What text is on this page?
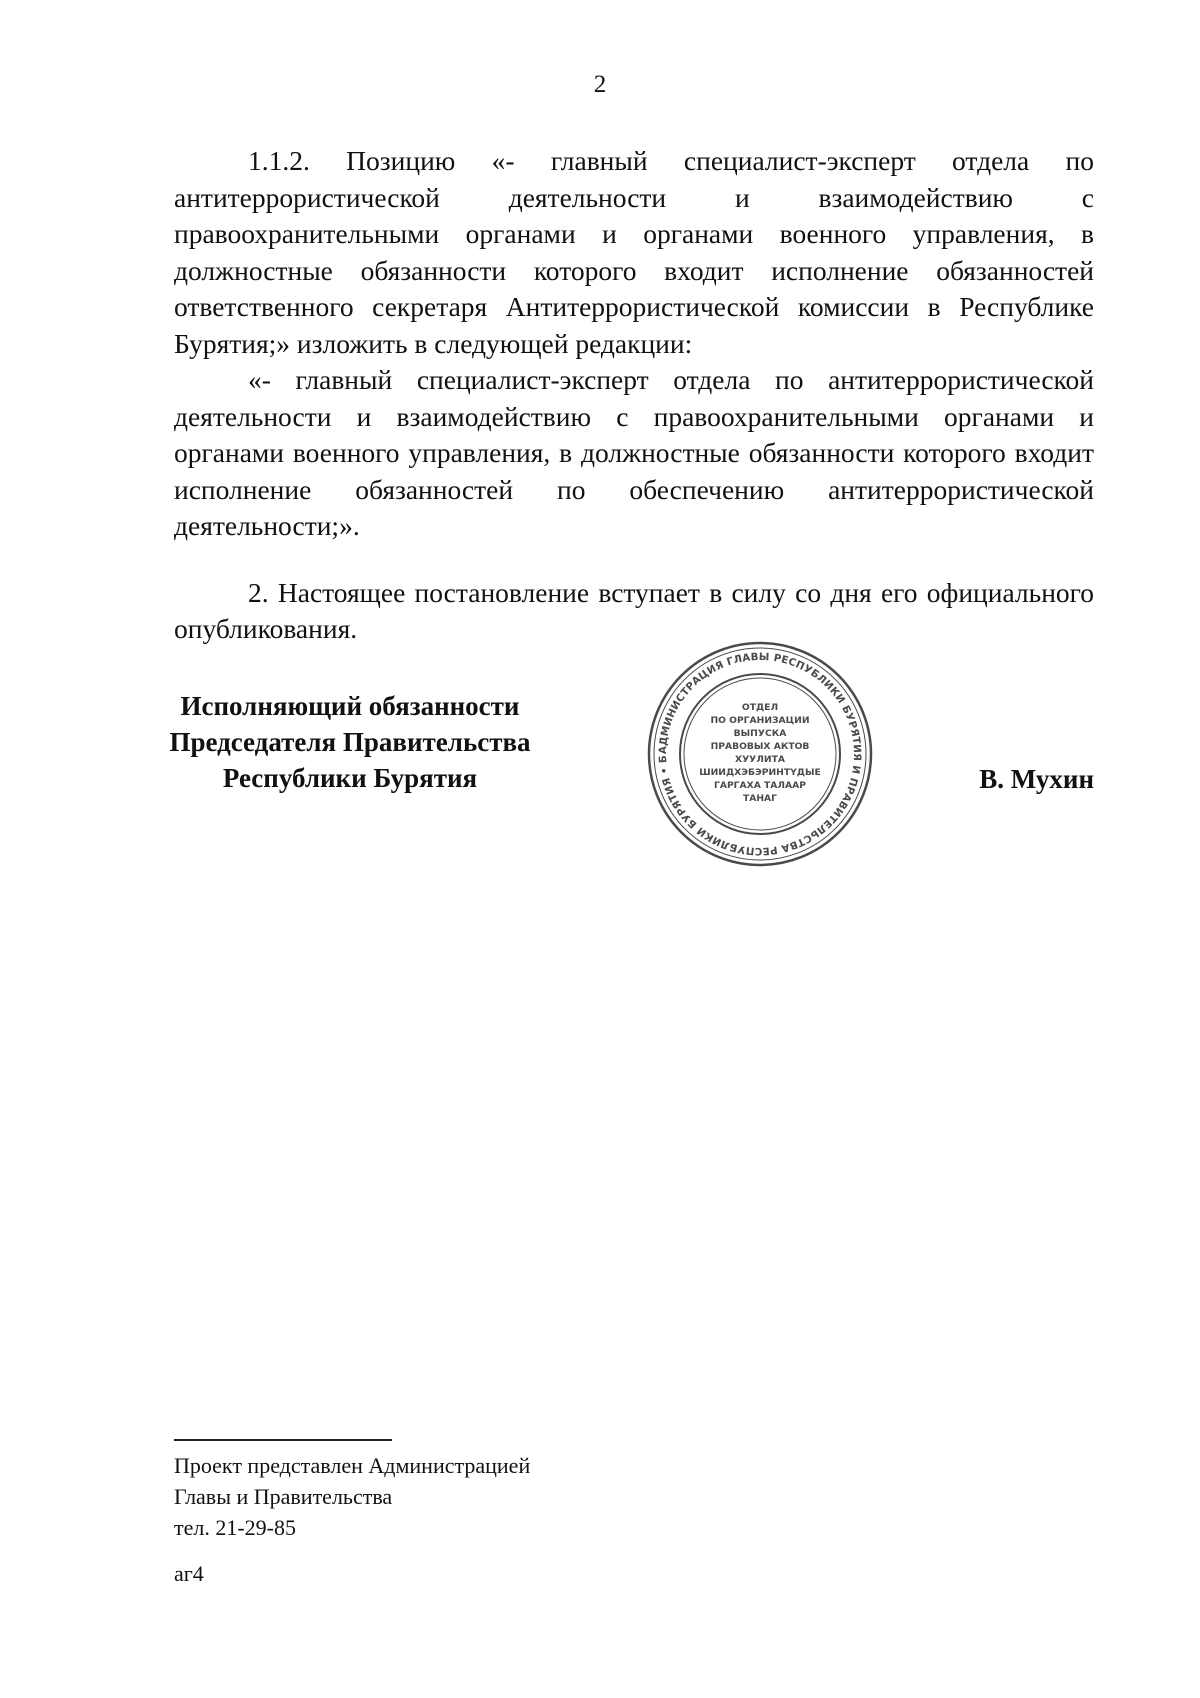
2

1.1.2. Позицию «- главный специалист-эксперт отдела по антитеррористической деятельности и взаимодействию с правоохранительными органами и органами военного управления, в должностные обязанности которого входит исполнение обязанностей ответственного секретаря Антитеррористической комиссии в Республике Бурятия;» изложить в следующей редакции:

«- главный специалист-эксперт отдела по антитеррористической деятельности и взаимодействию с правоохранительными органами и органами военного управления, в должностные обязанности которого входит исполнение обязанностей по обеспечению антитеррористической деятельности;».

2. Настоящее постановление вступает в силу со дня его официального опубликования.

Исполняющий обязанности
Председателя Правительства
Республики Бурятия
АДМИНИСТРАЦИЯ ГЛАВЫ РЕСПУБЛИКИ БУРЯТИЯ И ПРАВИТЕЛЬСТВА РЕСПУБЛИКИ БУРЯТИЯ • Б
ОТДЕЛ
ПО ОРГАНИЗАЦИИ
ВЫПУСКА
ПРАВОВЫХ АКТОВ
ХУУЛИТА
ШИИДХЭБЭРИНТҮДЫЕ
ГАРГАХА ТАЛААР
ТАНАГ
В. Мухин
Проект представлен Администрацией
Главы и Правительства
тел. 21-29-85
аг4
